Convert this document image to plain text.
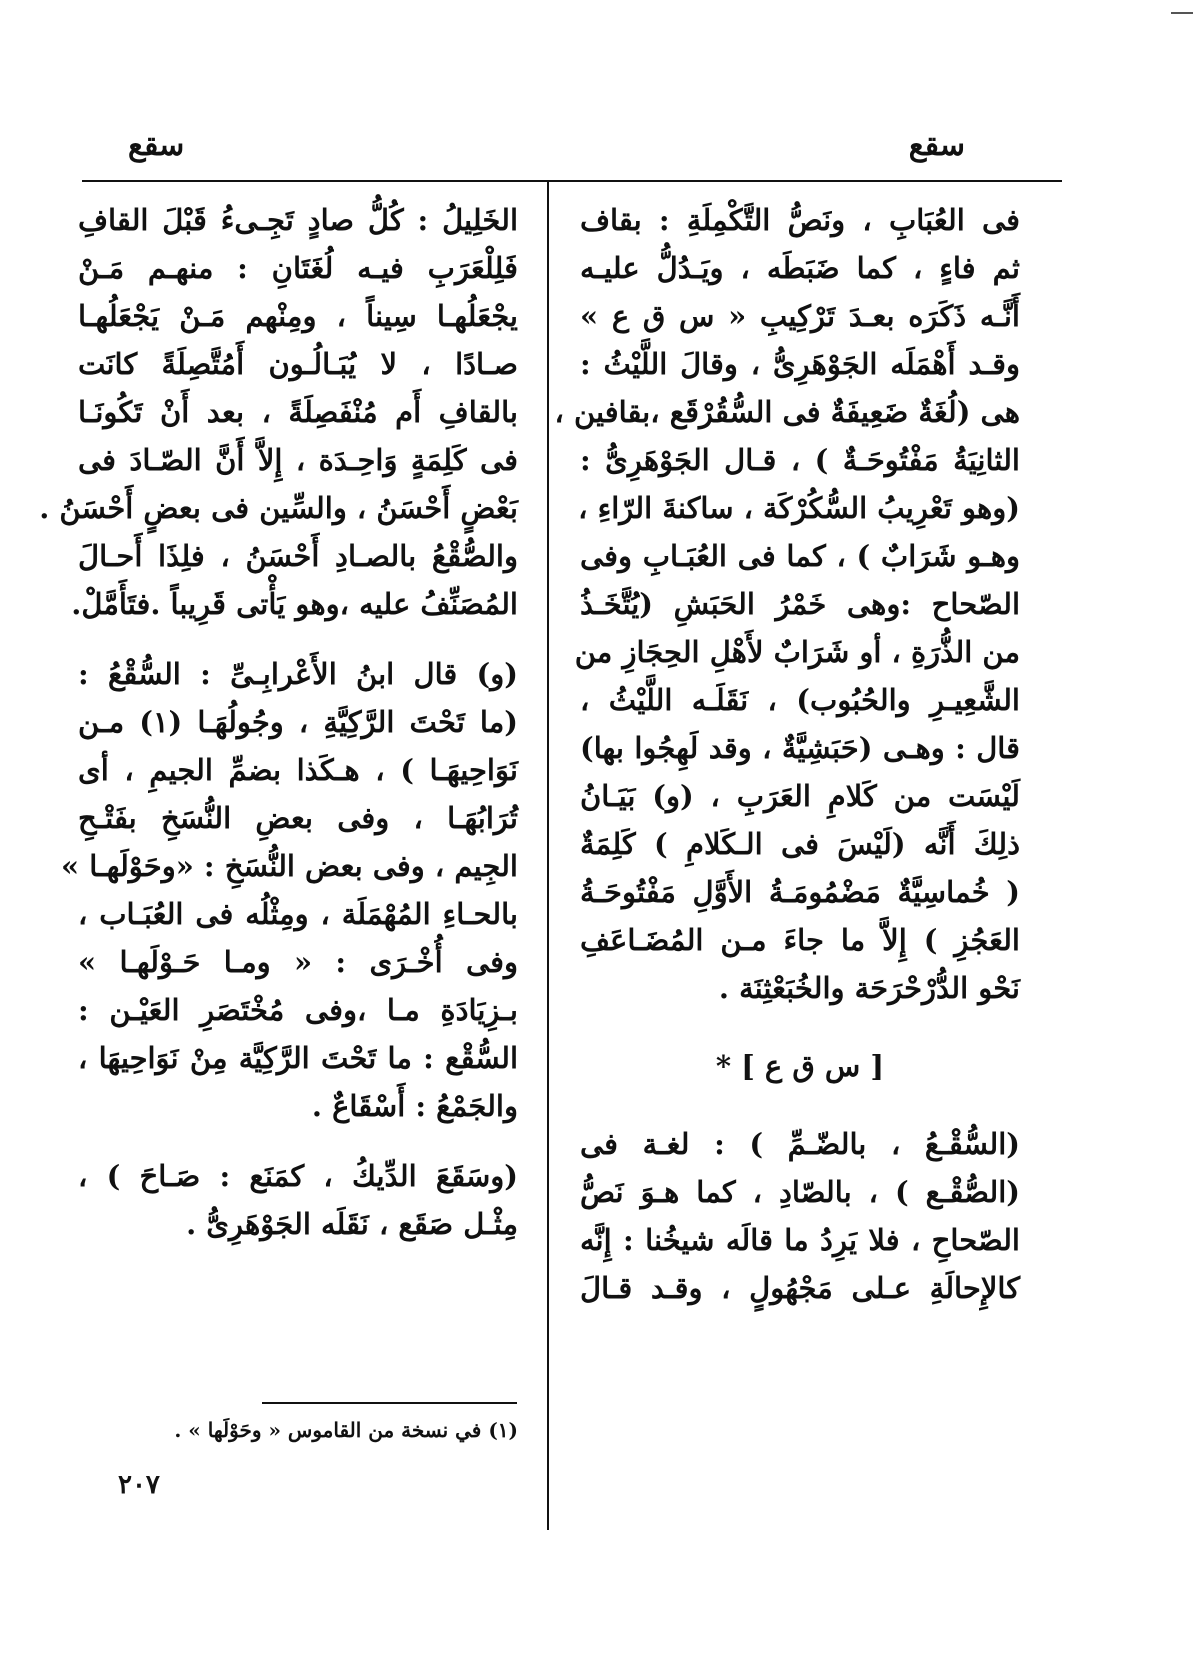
سقع
سقع

فى العُبَابِ ، ونَصُّ التَّكْمِلَةِ : بقاف
ثم فاءٍ ، كما ضَبَطَه ، ويَـدُلُّ عليـه
أَنَّـه ذَكَرَه بعـدَ تَرْكِيبِ « س ق ع »
وقـد أَهْمَلَه الجَوْهَرِىُّ ، وقالَ اللَّيْثُ :
هى (لُغَةٌ ضَعِيفَةٌ فى السُّقُرْقَع ،بقافين ،
الثانِيَةُ مَفْتُوحَـةٌ ) ، قـال الجَوْهَرِىُّ :
(وهو تَعْرِيبُ السُّكُرْكَة ، ساكنةَ الرّاءِ ،
وهـو شَرَابٌ ) ، كما فى العُبَـابِ وفى
الصّحاح :وهى خَمْرُ الحَبَشِ (يُتَّخَـذُ
من الذُّرَةِ ، أو شَرَابٌ لأَهْلِ الحِجَازِ من
الشَّعِيـرِ والحُبُوب) ، نَقَلَـه اللَّيْثُ ،
قال : وهـى (حَبَشِيَّةٌ ، وقد لَهِجُوا بها)
لَيْسَت من كَلامِ العَرَبِ ، (و) بَيَـانُ
ذلِكَ أَنَّه (لَيْسَ فى الـكَلامِ ) كَلِمَةٌ
( خُماسِيَّةٌ مَضْمُومَـةُ الأَوَّلِ مَفْتُوحَـةُ
العَجُزِ ) إِلاَّ ما جاءَ مـن المُضَـاعَفِ
نَحْو الدُّرْحْرَحَة والخُبَعْثِنَة .

[ س ق ع ] *

(السُّقْـعُ ، بالضّـمِّ ) : لغـة فى
(الصُّقْـع ) ، بالصّادِ ، كما هـوَ نَصُّ
الصّحاحِ ، فلا يَرِدُ ما قالَه شيخُنا : إِنَّه
كالإِحالَةِ عـلى مَجْهُولٍ ، وقـد قـالَ

الخَلِيلُ : كُلُّ صادٍ تَجِـىءُ قَبْلَ القافِ
فَلِلْعَرَبِ فيـه لُغَتَانِ : منهـم مَـنْ
يجْعَلُهـا سِيناً ، ومِنْهم مَـنْ يَجْعَلُهـا
صـادًا ، لا يُبَـالُـون أَمُتَّصِلَةً كانَت
بالقافِ أَم مُنْفَصِلَةً ، بعد أَنْ تَكُونَـا
فى كَلِمَةٍ وَاحِـدَة ، إِلاَّ أَنَّ الصّـادَ فى
بَعْضٍ أَحْسَنُ ، والسِّين فى بعضٍ أَحْسَنُ .
والصُّقْعُ بالصـادِ أَحْسَنُ ، فلِذَا أَحـالَ
المُصَنِّفُ عليه ،وهو يَأْتى قَرِيباً .فتَأَمَّلْ.

(و) قال ابنُ الأَعْرابِـىِّ : السُّقْعُ :
(ما تَحْتَ الرَّكِيَّةِ ، وجُولُهَـا (١) مـن
نَوَاحِيهَـا ) ، هـكَذا بضمِّ الجيمِ ، أى
تُرَابُهَـا ، وفى بعضِ النُّسَخِ بفَتْـحِ
الجِيم ، وفى بعض النُّسَخِ : «وحَوْلَهـا »
بالحـاءِ المُهْمَلَة ، ومِثْلُه فى العُبَـاب ،
وفى أُخْـرَى : « ومـا حَـوْلَهـا »
بـزِيَادَةِ مـا ،وفى مُخْتَصَرِ العَيْـن :
السُّقْع : ما تَحْتَ الرَّكِيَّة مِنْ نَوَاحِيهَا ،
والجَمْعُ : أَسْقَاعٌ .

(وسَقَعَ الدِّيكُ ، كمَنَع : صَـاحَ ) ،
مِثْـل صَقَع ، نَقَلَه الجَوْهَرِىُّ .

(١) في نسخة من القاموس « وحَوْلَها » .
٢٠٧
